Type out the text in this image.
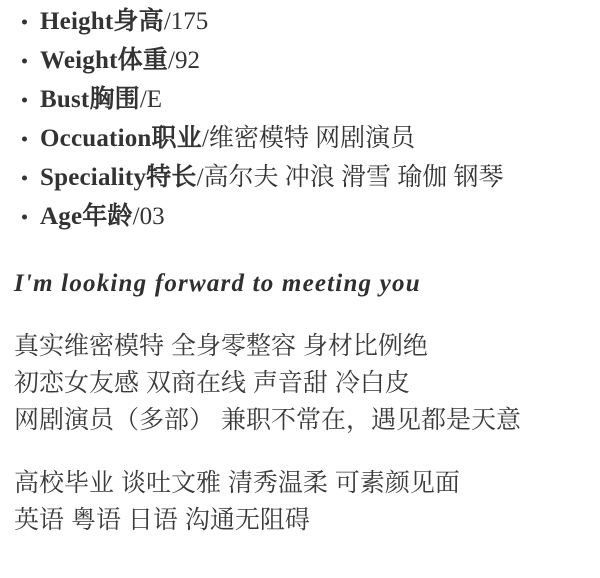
Height身高/175
Weight体重/92
Bust胸围/E
Occuation职业/维密模特 网剧演员
Speciality特长/高尔夫 冲浪 滑雪 瑜伽 钢琴
Age年龄/03
I'm looking forward to meeting you

真实维密模特 全身零整容 身材比例绝

初恋女友感 双商在线 声音甜 冷白皮

网剧演员（多部） 兼职不常在，遇见都是天意

高校毕业 谈吐文雅 清秀温柔 可素颜见面

英语 粤语 日语 沟通无阻碍
